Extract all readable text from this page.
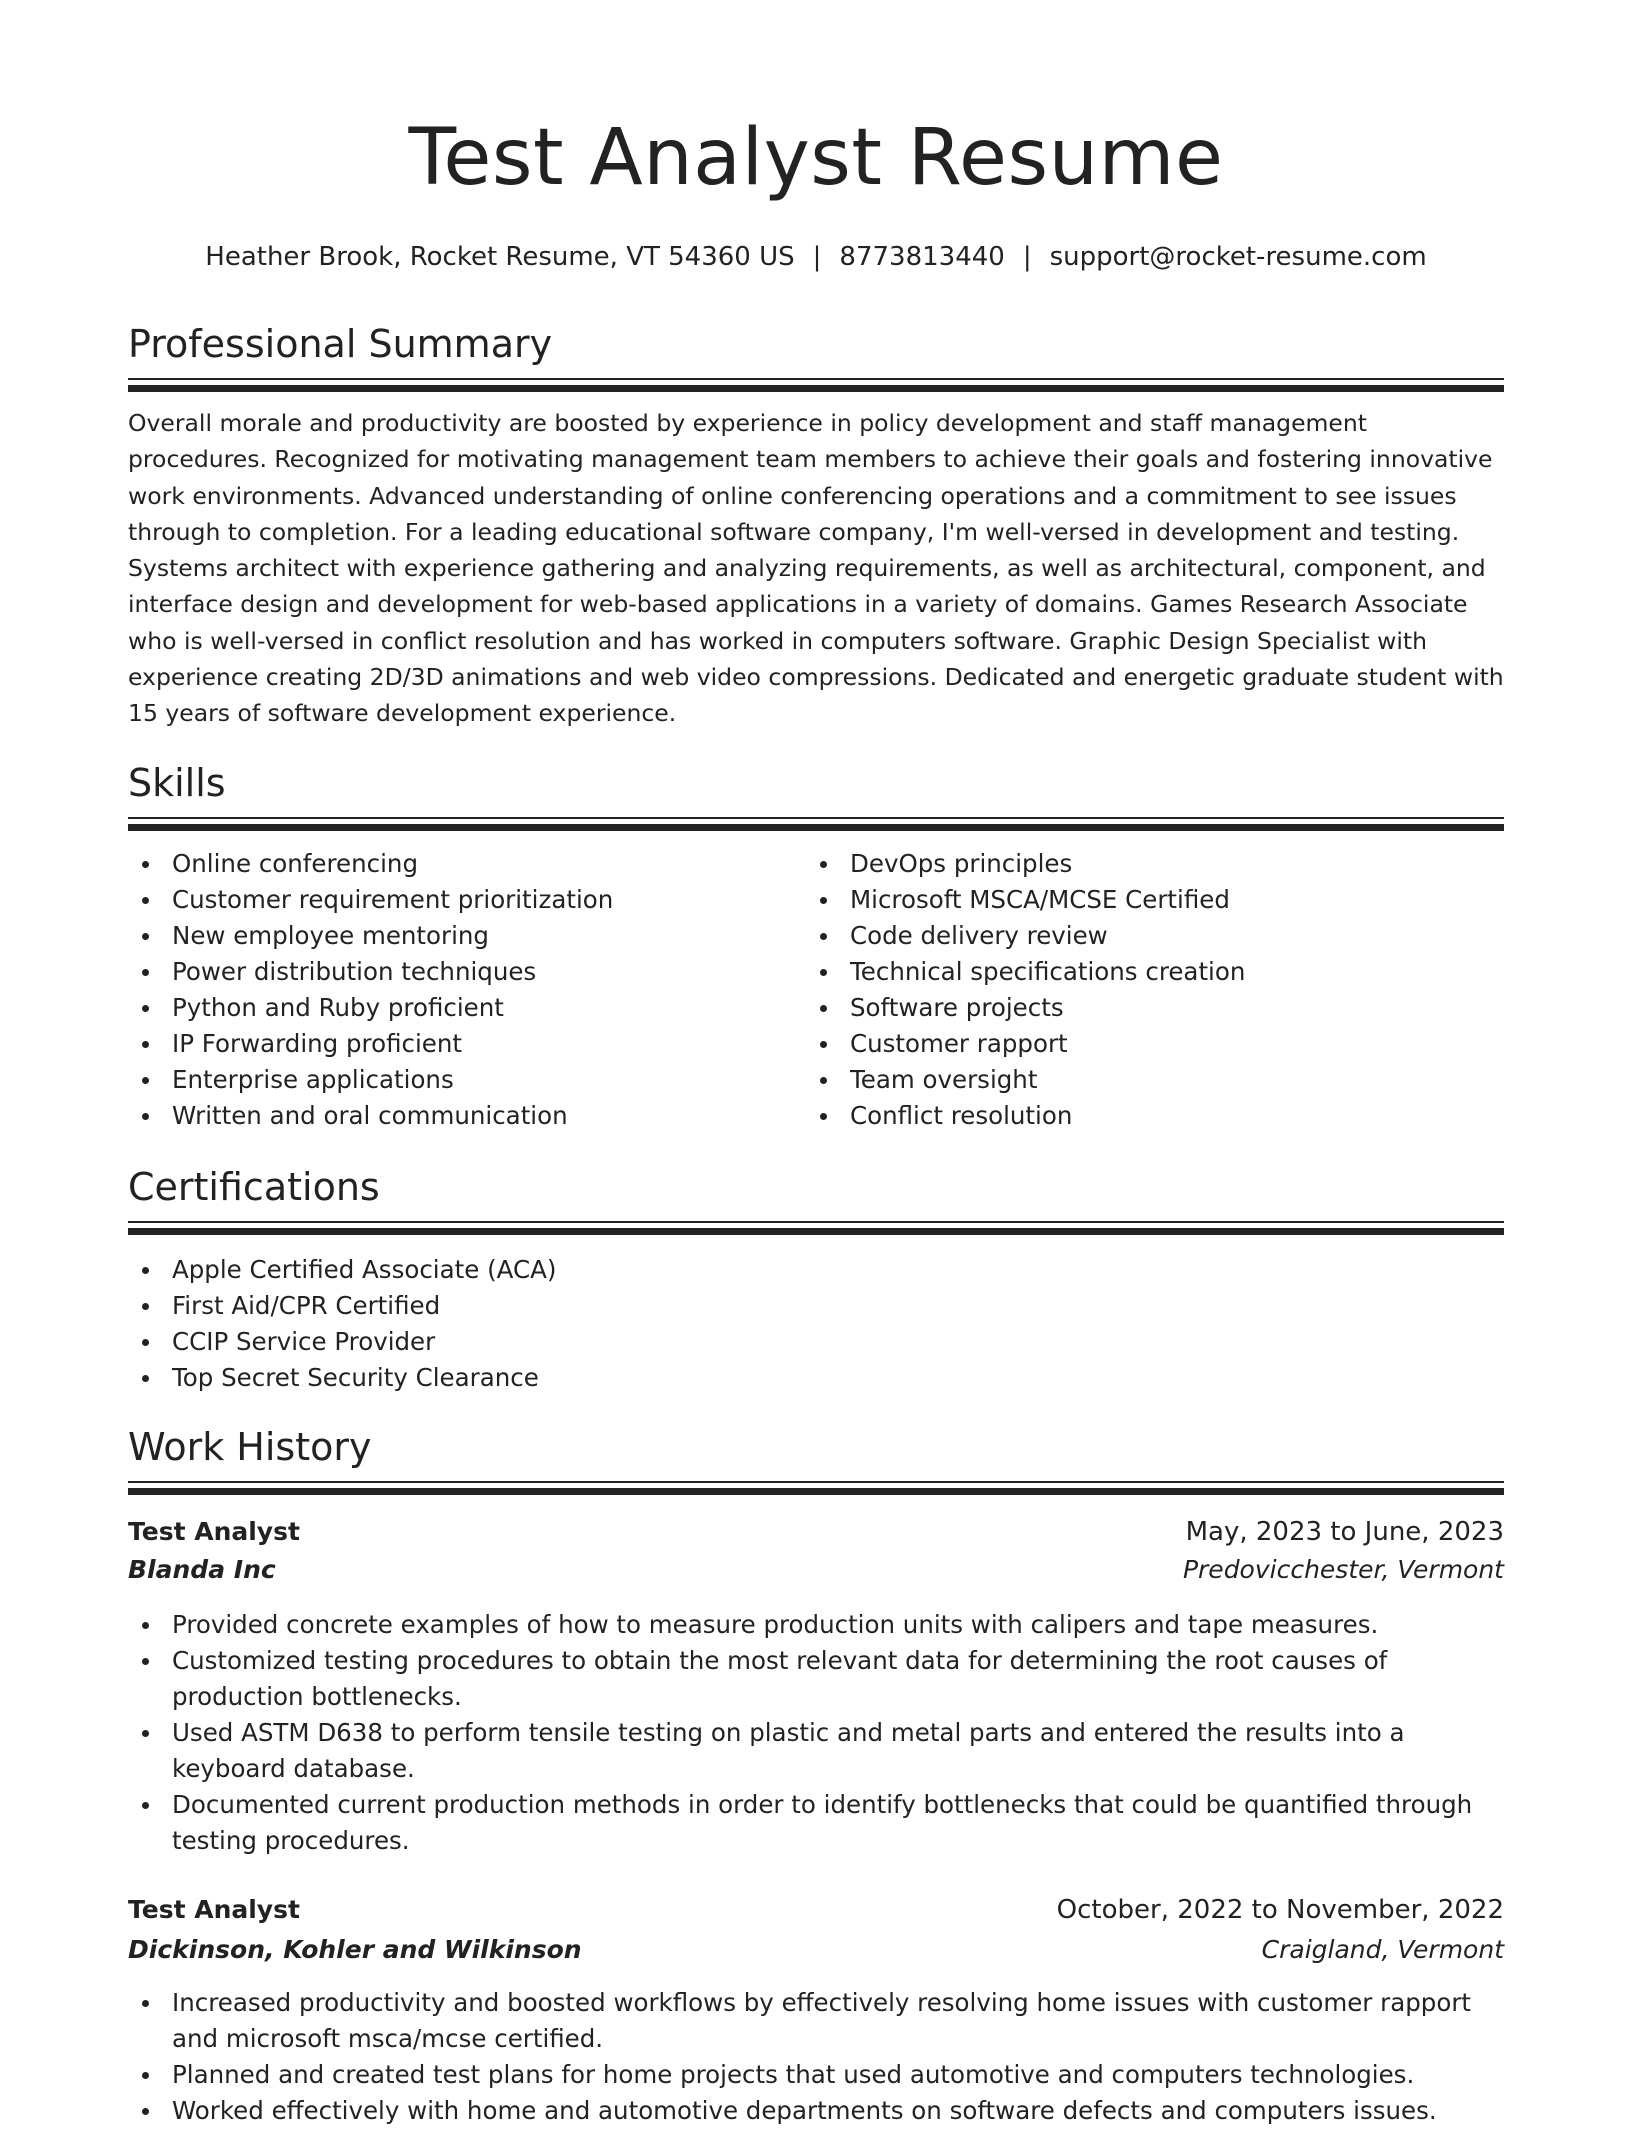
Test Analyst Resume
Heather Brook, Rocket Resume, VT 54360 US | 8773813440 | support@rocket-resume.com
Professional Summary

Overall morale and productivity are boosted by experience in policy development and staff management procedures. Recognized for motivating management team members to achieve their goals and fostering innovative work environments. Advanced understanding of online conferencing operations and a commitment to see issues through to completion. For a leading educational software company, I'm well-versed in development and testing. Systems architect with experience gathering and analyzing requirements, as well as architectural, component, and interface design and development for web-based applications in a variety of domains. Games Research Associate who is well-versed in conflict resolution and has worked in computers software. Graphic Design Specialist with experience creating 2D/3D animations and web video compressions. Dedicated and energetic graduate student with 15 years of software development experience.

Skills
Online conferencing
Customer requirement prioritization
New employee mentoring
Power distribution techniques
Python and Ruby proficient
IP Forwarding proficient
Enterprise applications
Written and oral communication
DevOps principles
Microsoft MSCA/MCSE Certified
Code delivery review
Technical specifications creation
Software projects
Customer rapport
Team oversight
Conflict resolution
Certifications
Apple Certified Associate (ACA)
First Aid/CPR Certified
CCIP Service Provider
Top Secret Security Clearance
Work History
Test Analyst	May, 2023 to June, 2023
Blanda Inc	Predovicchester, Vermont
Provided concrete examples of how to measure production units with calipers and tape measures.
Customized testing procedures to obtain the most relevant data for determining the root causes of production bottlenecks.
Used ASTM D638 to perform tensile testing on plastic and metal parts and entered the results into a keyboard database.
Documented current production methods in order to identify bottlenecks that could be quantified through testing procedures.
Test Analyst	October, 2022 to November, 2022
Dickinson, Kohler and Wilkinson	Craigland, Vermont
Increased productivity and boosted workflows by effectively resolving home issues with customer rapport and microsoft msca/mcse certified.
Planned and created test plans for home projects that used automotive and computers technologies.
Worked effectively with home and automotive departments on software defects and computers issues.
